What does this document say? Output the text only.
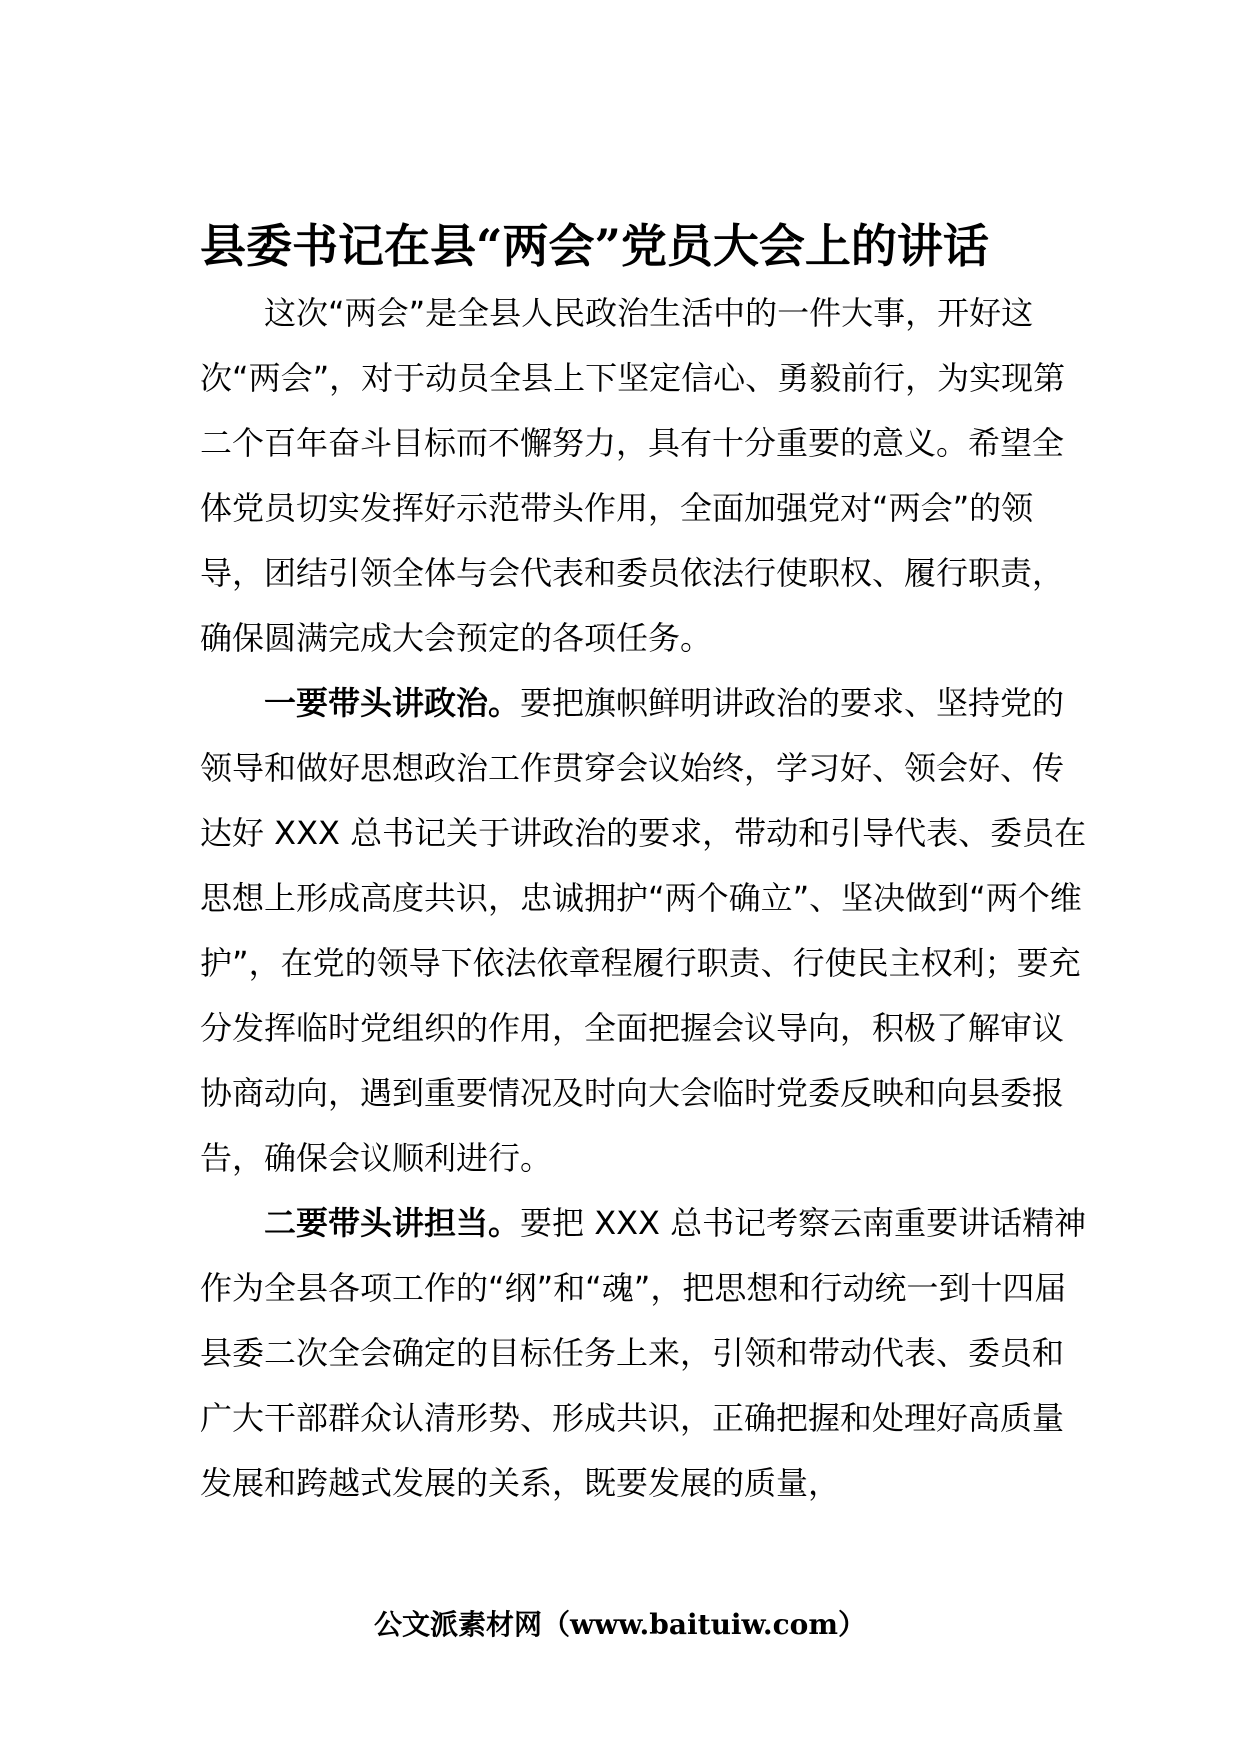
县委书记在县“两会”党员大会上的讲话

这次“两会”是全县人民政治生活中的一件大事，开好这次“两会”，对于动员全县上下坚定信心、勇毅前行，为实现第二个百年奋斗目标而不懈努力，具有十分重要的意义。希望全体党员切实发挥好示范带头作用，全面加强党对“两会”的领导，团结引领全体与会代表和委员依法行使职权、履行职责，确保圆满完成大会预定的各项任务。

一要带头讲政治。要把旗帜鲜明讲政治的要求、坚持党的领导和做好思想政治工作贯穿会议始终，学习好、领会好、传达好 XXX 总书记关于讲政治的要求，带动和引导代表、委员在思想上形成高度共识，忠诚拥护“两个确立”、坚决做到“两个维护”，在党的领导下依法依章程履行职责、行使民主权利；要充分发挥临时党组织的作用，全面把握会议导向，积极了解审议协商动向，遇到重要情况及时向大会临时党委反映和向县委报告，确保会议顺利进行。

二要带头讲担当。要把 XXX 总书记考察云南重要讲话精神作为全县各项工作的“纲”和“魂”，把思想和行动统一到十四届县委二次全会确定的目标任务上来，引领和带动代表、委员和广大干部群众认清形势、形成共识，正确把握和处理好高质量发展和跨越式发展的关系，既要发展的质量，

公文派素材网（www.baituiw.com）
